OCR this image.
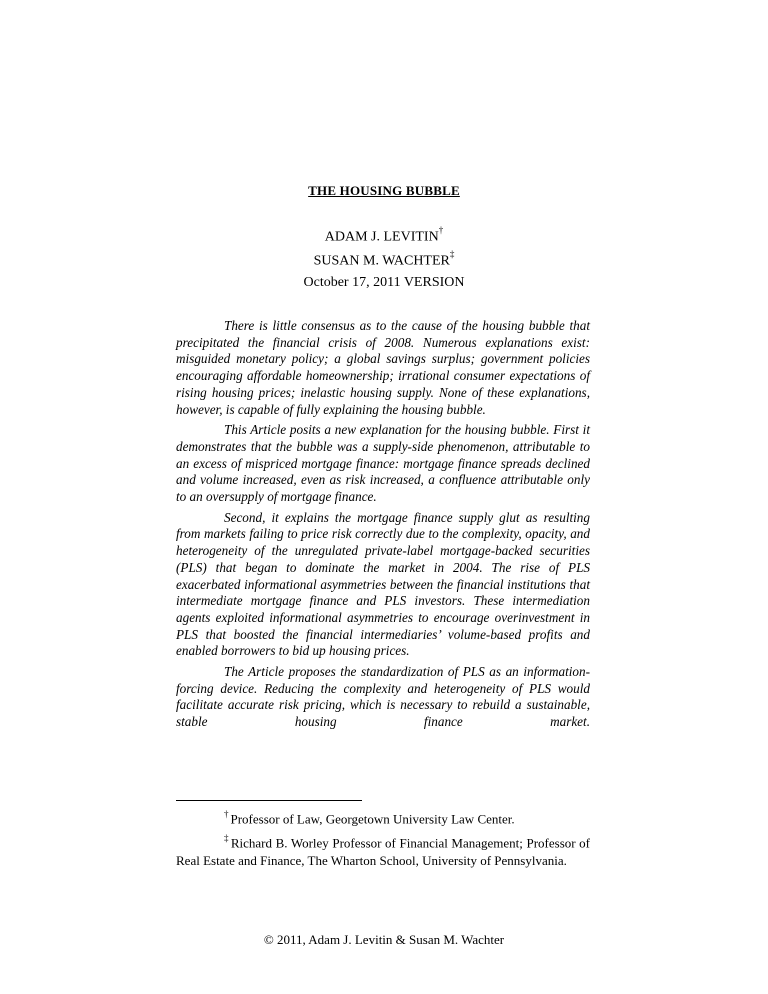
THE HOUSING BUBBLE
ADAM J. LEVITIN†
SUSAN M. WACHTER‡
October 17, 2011 VERSION

There is little consensus as to the cause of the housing bubble that precipitated the financial crisis of 2008. Numerous explanations exist: misguided monetary policy; a global savings surplus; government policies encouraging affordable homeownership; irrational consumer expectations of rising housing prices; inelastic housing supply. None of these explanations, however, is capable of fully explaining the housing bubble.

This Article posits a new explanation for the housing bubble. First it demonstrates that the bubble was a supply-side phenomenon, attributable to an excess of mispriced mortgage finance: mortgage finance spreads declined and volume increased, even as risk increased, a confluence attributable only to an oversupply of mortgage finance.

Second, it explains the mortgage finance supply glut as resulting from markets failing to price risk correctly due to the complexity, opacity, and heterogeneity of the unregulated private-label mortgage-backed securities (PLS) that began to dominate the market in 2004. The rise of PLS exacerbated informational asymmetries between the financial institutions that intermediate mortgage finance and PLS investors. These intermediation agents exploited informational asymmetries to encourage overinvestment in PLS that boosted the financial intermediaries’ volume-based profits and enabled borrowers to bid up housing prices.

The Article proposes the standardization of PLS as an information-forcing device. Reducing the complexity and heterogeneity of PLS would facilitate accurate risk pricing, which is necessary to rebuild a sustainable, stable housing finance market.

† Professor of Law, Georgetown University Law Center.

‡ Richard B. Worley Professor of Financial Management; Professor of Real Estate and Finance, The Wharton School, University of Pennsylvania.

© 2011, Adam J. Levitin & Susan M. Wachter
